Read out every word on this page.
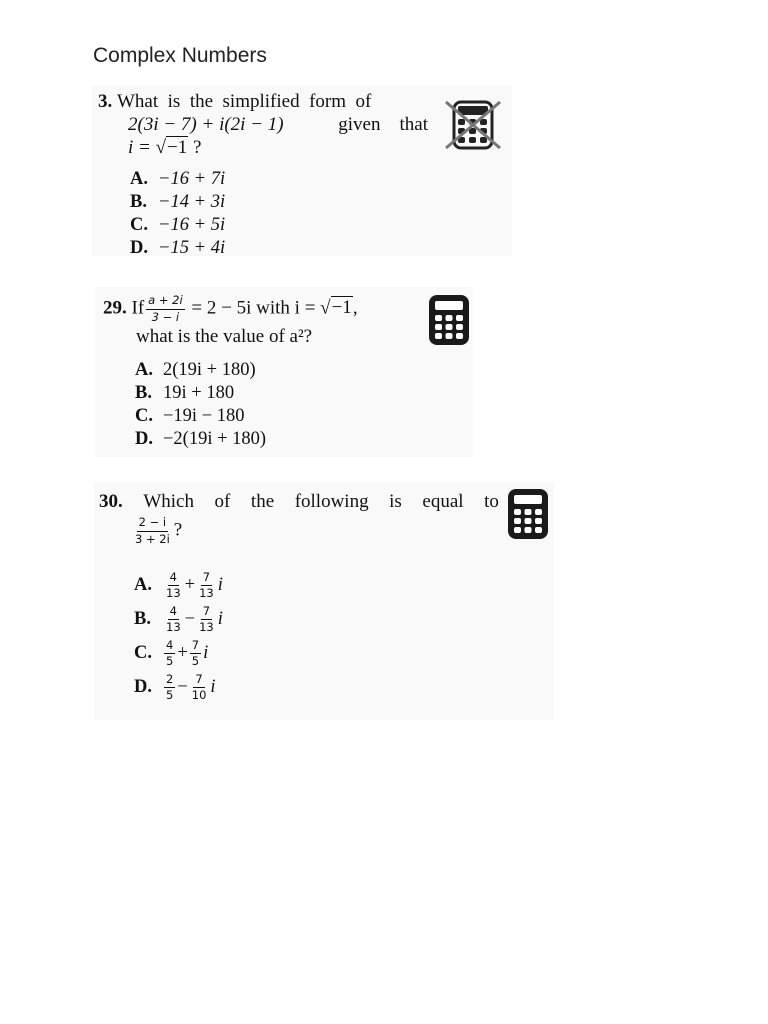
Complex Numbers
3. What  is  the  simplified  form  of
2(3i − 7) + i(2i − 1)	given that
i = √−1 ?
A. −16 + 7i
B. −14 + 3i
C. −16 + 5i
D. −15 + 4i
29. If $\frac{a + 2i}{3 - i} = 2 - 5i$ with i = √−1,
what is the value of a²?
A. 2(19i + 180)
B. 19i + 180
C. −19i − 180
D. −2(19i + 180)
30. Which of the following is equal to
$\frac{2 - i}{3 + 2i}$ ?
A. $\frac{4}{13} + \frac{7}{13}$ i
B. $\frac{4}{13} - \frac{7}{13}$ i
C. $\frac{4}{5} + \frac{7}{5}$ i
D. $\frac{2}{5} - \frac{7}{10}$ i
